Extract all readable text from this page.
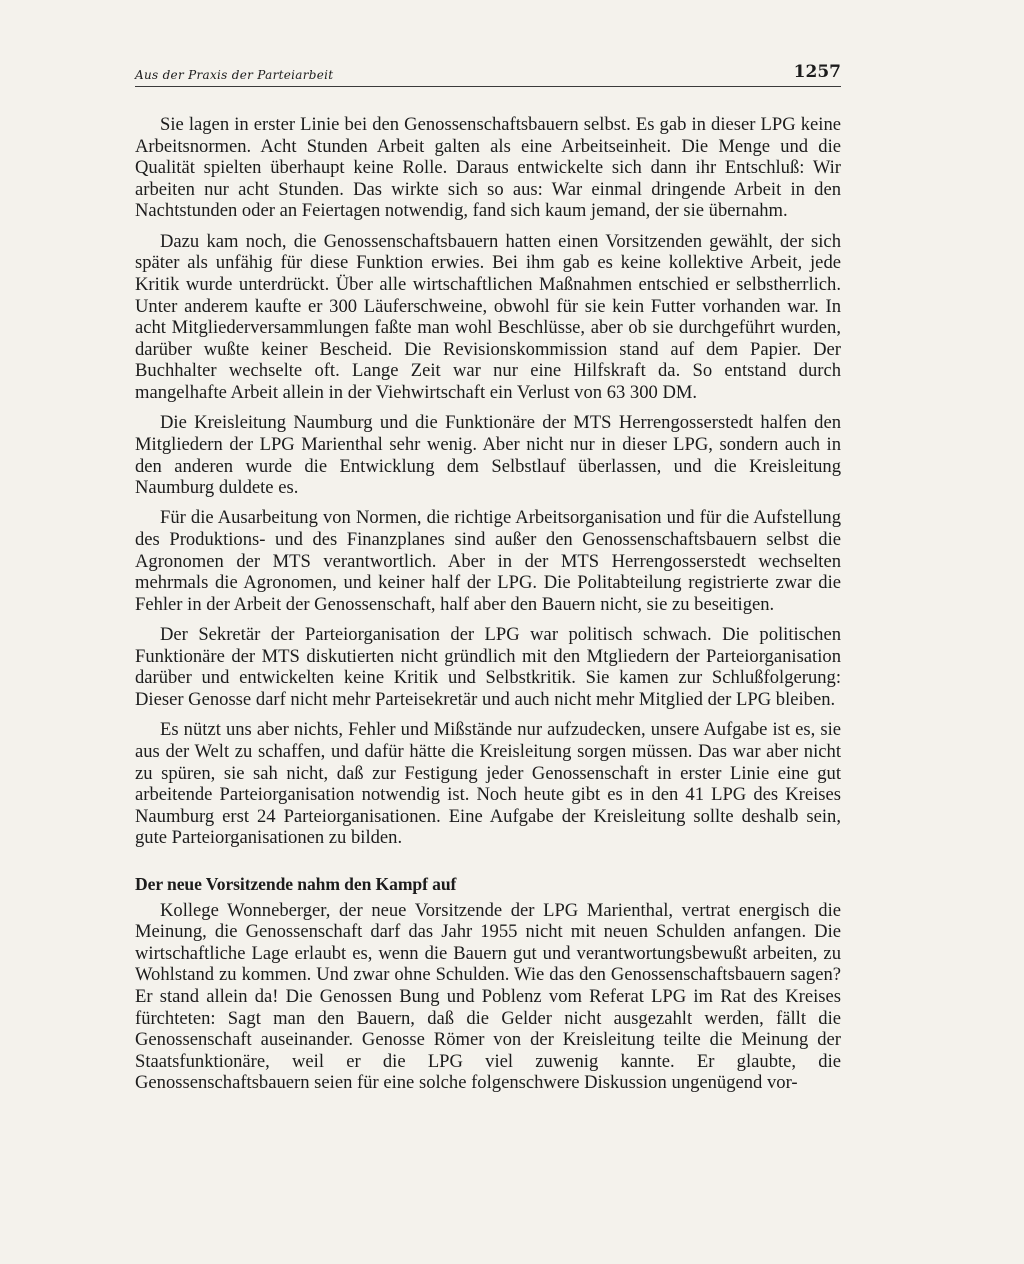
Aus der Praxis der Parteiarbeit	1257

Sie lagen in erster Linie bei den Genossenschaftsbauern selbst. Es gab in dieser LPG keine Arbeitsnormen. Acht Stunden Arbeit galten als eine Arbeitseinheit. Die Menge und die Qualität spielten überhaupt keine Rolle. Daraus entwickelte sich dann ihr Entschluß: Wir arbeiten nur acht Stunden. Das wirkte sich so aus: War einmal dringende Arbeit in den Nachtstunden oder an Feiertagen notwendig, fand sich kaum jemand, der sie übernahm.

Dazu kam noch, die Genossenschaftsbauern hatten einen Vorsitzenden gewählt, der sich später als unfähig für diese Funktion erwies. Bei ihm gab es keine kollektive Arbeit, jede Kritik wurde unterdrückt. Über alle wirtschaftlichen Maßnahmen entschied er selbstherrlich. Unter anderem kaufte er 300 Läuferschweine, obwohl für sie kein Futter vorhanden war. In acht Mitgliederversammlungen faßte man wohl Beschlüsse, aber ob sie durchgeführt wurden, darüber wußte keiner Bescheid. Die Revisionskommission stand auf dem Papier. Der Buchhalter wechselte oft. Lange Zeit war nur eine Hilfskraft da. So entstand durch mangelhafte Arbeit allein in der Viehwirtschaft ein Verlust von 63 300 DM.

Die Kreisleitung Naumburg und die Funktionäre der MTS Herrengosserstedt halfen den Mitgliedern der LPG Marienthal sehr wenig. Aber nicht nur in dieser LPG, sondern auch in den anderen wurde die Entwicklung dem Selbstlauf überlassen, und die Kreisleitung Naumburg duldete es.

Für die Ausarbeitung von Normen, die richtige Arbeitsorganisation und für die Aufstellung des Produktions- und des Finanzplanes sind außer den Genossenschaftsbauern selbst die Agronomen der MTS verantwortlich. Aber in der MTS Herrengosserstedt wechselten mehrmals die Agronomen, und keiner half der LPG. Die Politabteilung registrierte zwar die Fehler in der Arbeit der Genossenschaft, half aber den Bauern nicht, sie zu beseitigen.

Der Sekretär der Parteiorganisation der LPG war politisch schwach. Die politischen Funktionäre der MTS diskutierten nicht gründlich mit den Mtgliedern der Parteiorganisation darüber und entwickelten keine Kritik und Selbstkritik. Sie kamen zur Schlußfolgerung: Dieser Genosse darf nicht mehr Parteisekretär und auch nicht mehr Mitglied der LPG bleiben.

Es nützt uns aber nichts, Fehler und Mißstände nur aufzudecken, unsere Aufgabe ist es, sie aus der Welt zu schaffen, und dafür hätte die Kreisleitung sorgen müssen. Das war aber nicht zu spüren, sie sah nicht, daß zur Festigung jeder Genossenschaft in erster Linie eine gut arbeitende Parteiorganisation notwendig ist. Noch heute gibt es in den 41 LPG des Kreises Naumburg erst 24 Parteiorganisationen. Eine Aufgabe der Kreisleitung sollte deshalb sein, gute Parteiorganisationen zu bilden.

Der neue Vorsitzende nahm den Kampf auf

Kollege Wonneberger, der neue Vorsitzende der LPG Marienthal, vertrat energisch die Meinung, die Genossenschaft darf das Jahr 1955 nicht mit neuen Schulden anfangen. Die wirtschaftliche Lage erlaubt es, wenn die Bauern gut und verantwortungsbewußt arbeiten, zu Wohlstand zu kommen. Und zwar ohne Schulden. Wie das den Genossenschaftsbauern sagen? Er stand allein da! Die Genossen Bung und Poblenz vom Referat LPG im Rat des Kreises fürchteten: Sagt man den Bauern, daß die Gelder nicht ausgezahlt werden, fällt die Genossenschaft auseinander. Genosse Römer von der Kreisleitung teilte die Meinung der Staatsfunktionäre, weil er die LPG viel zuwenig kannte. Er glaubte, die Genossenschaftsbauern seien für eine solche folgenschwere Diskussion ungenügend vor-
